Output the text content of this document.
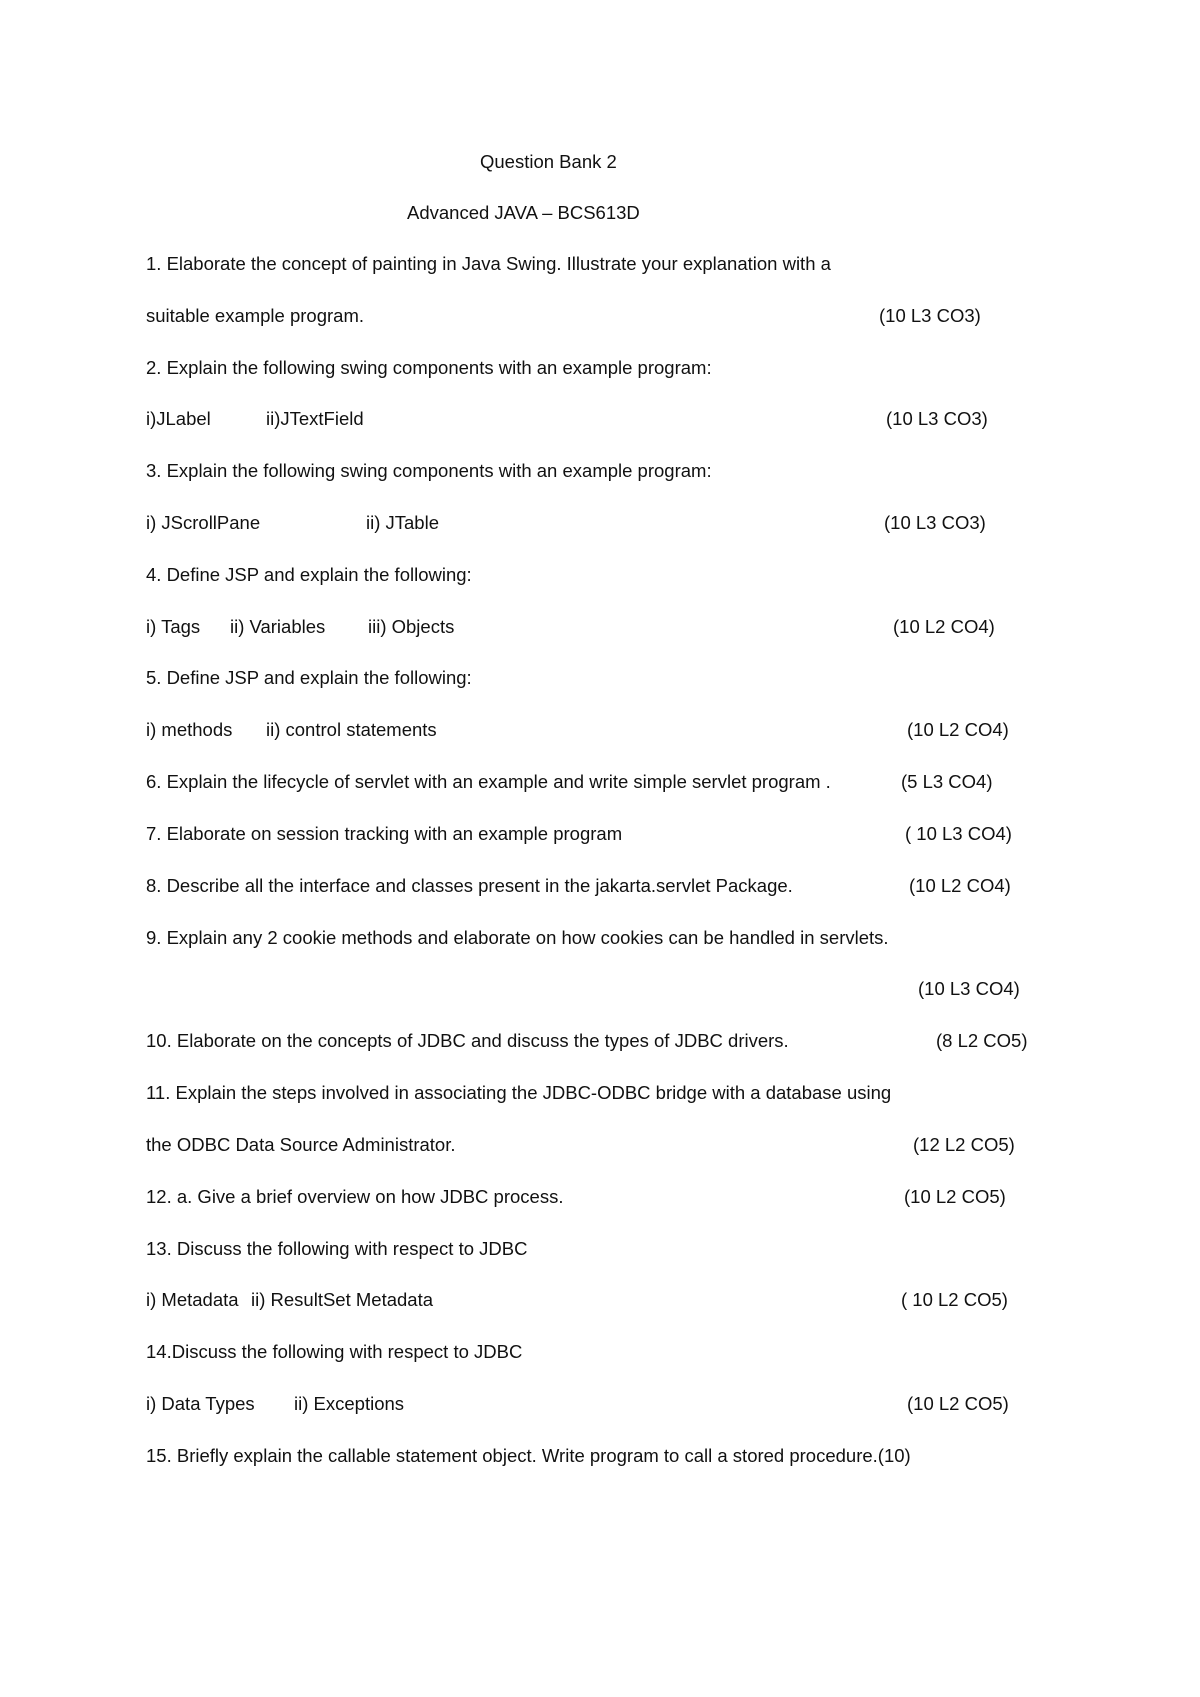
Question Bank 2
Advanced JAVA – BCS613D
1. Elaborate the concept of painting in Java Swing. Illustrate your explanation with a
suitable example program.	(10 L3 CO3)
2. Explain the following swing components with an example program:
i)JLabel	ii)JTextField	(10 L3 CO3)
3. Explain the following swing components with an example program:
i) JScrollPane	ii) JTable	(10 L3 CO3)
4. Define JSP and explain the following:
i) Tags ii) Variables iii) Objects	(10 L2 CO4)
5. Define JSP and explain the following:
i) methods ii) control statements	(10 L2 CO4)
6. Explain the lifecycle of servlet with an example and write simple servlet program .	(5 L3 CO4)
7. Elaborate on session tracking with an example program	( 10 L3 CO4)
8. Describe all the interface and classes present in the jakarta.servlet Package.	(10 L2 CO4)
9. Explain any 2 cookie methods and elaborate on how cookies can be handled in servlets.
(10 L3 CO4)
10. Elaborate on the concepts of JDBC and discuss the types of JDBC drivers.	(8 L2 CO5)
11. Explain the steps involved in associating the JDBC-ODBC bridge with a database using
the ODBC Data Source Administrator.	(12 L2 CO5)
12. a. Give a brief overview on how JDBC process.	(10 L2 CO5)
13. Discuss the following with respect to JDBC
i) Metadata ii) ResultSet Metadata	( 10 L2 CO5)
14.Discuss the following with respect to JDBC
i) Data Types ii) Exceptions	(10 L2 CO5)
15. Briefly explain the callable statement object. Write program to call a stored procedure.(10)
